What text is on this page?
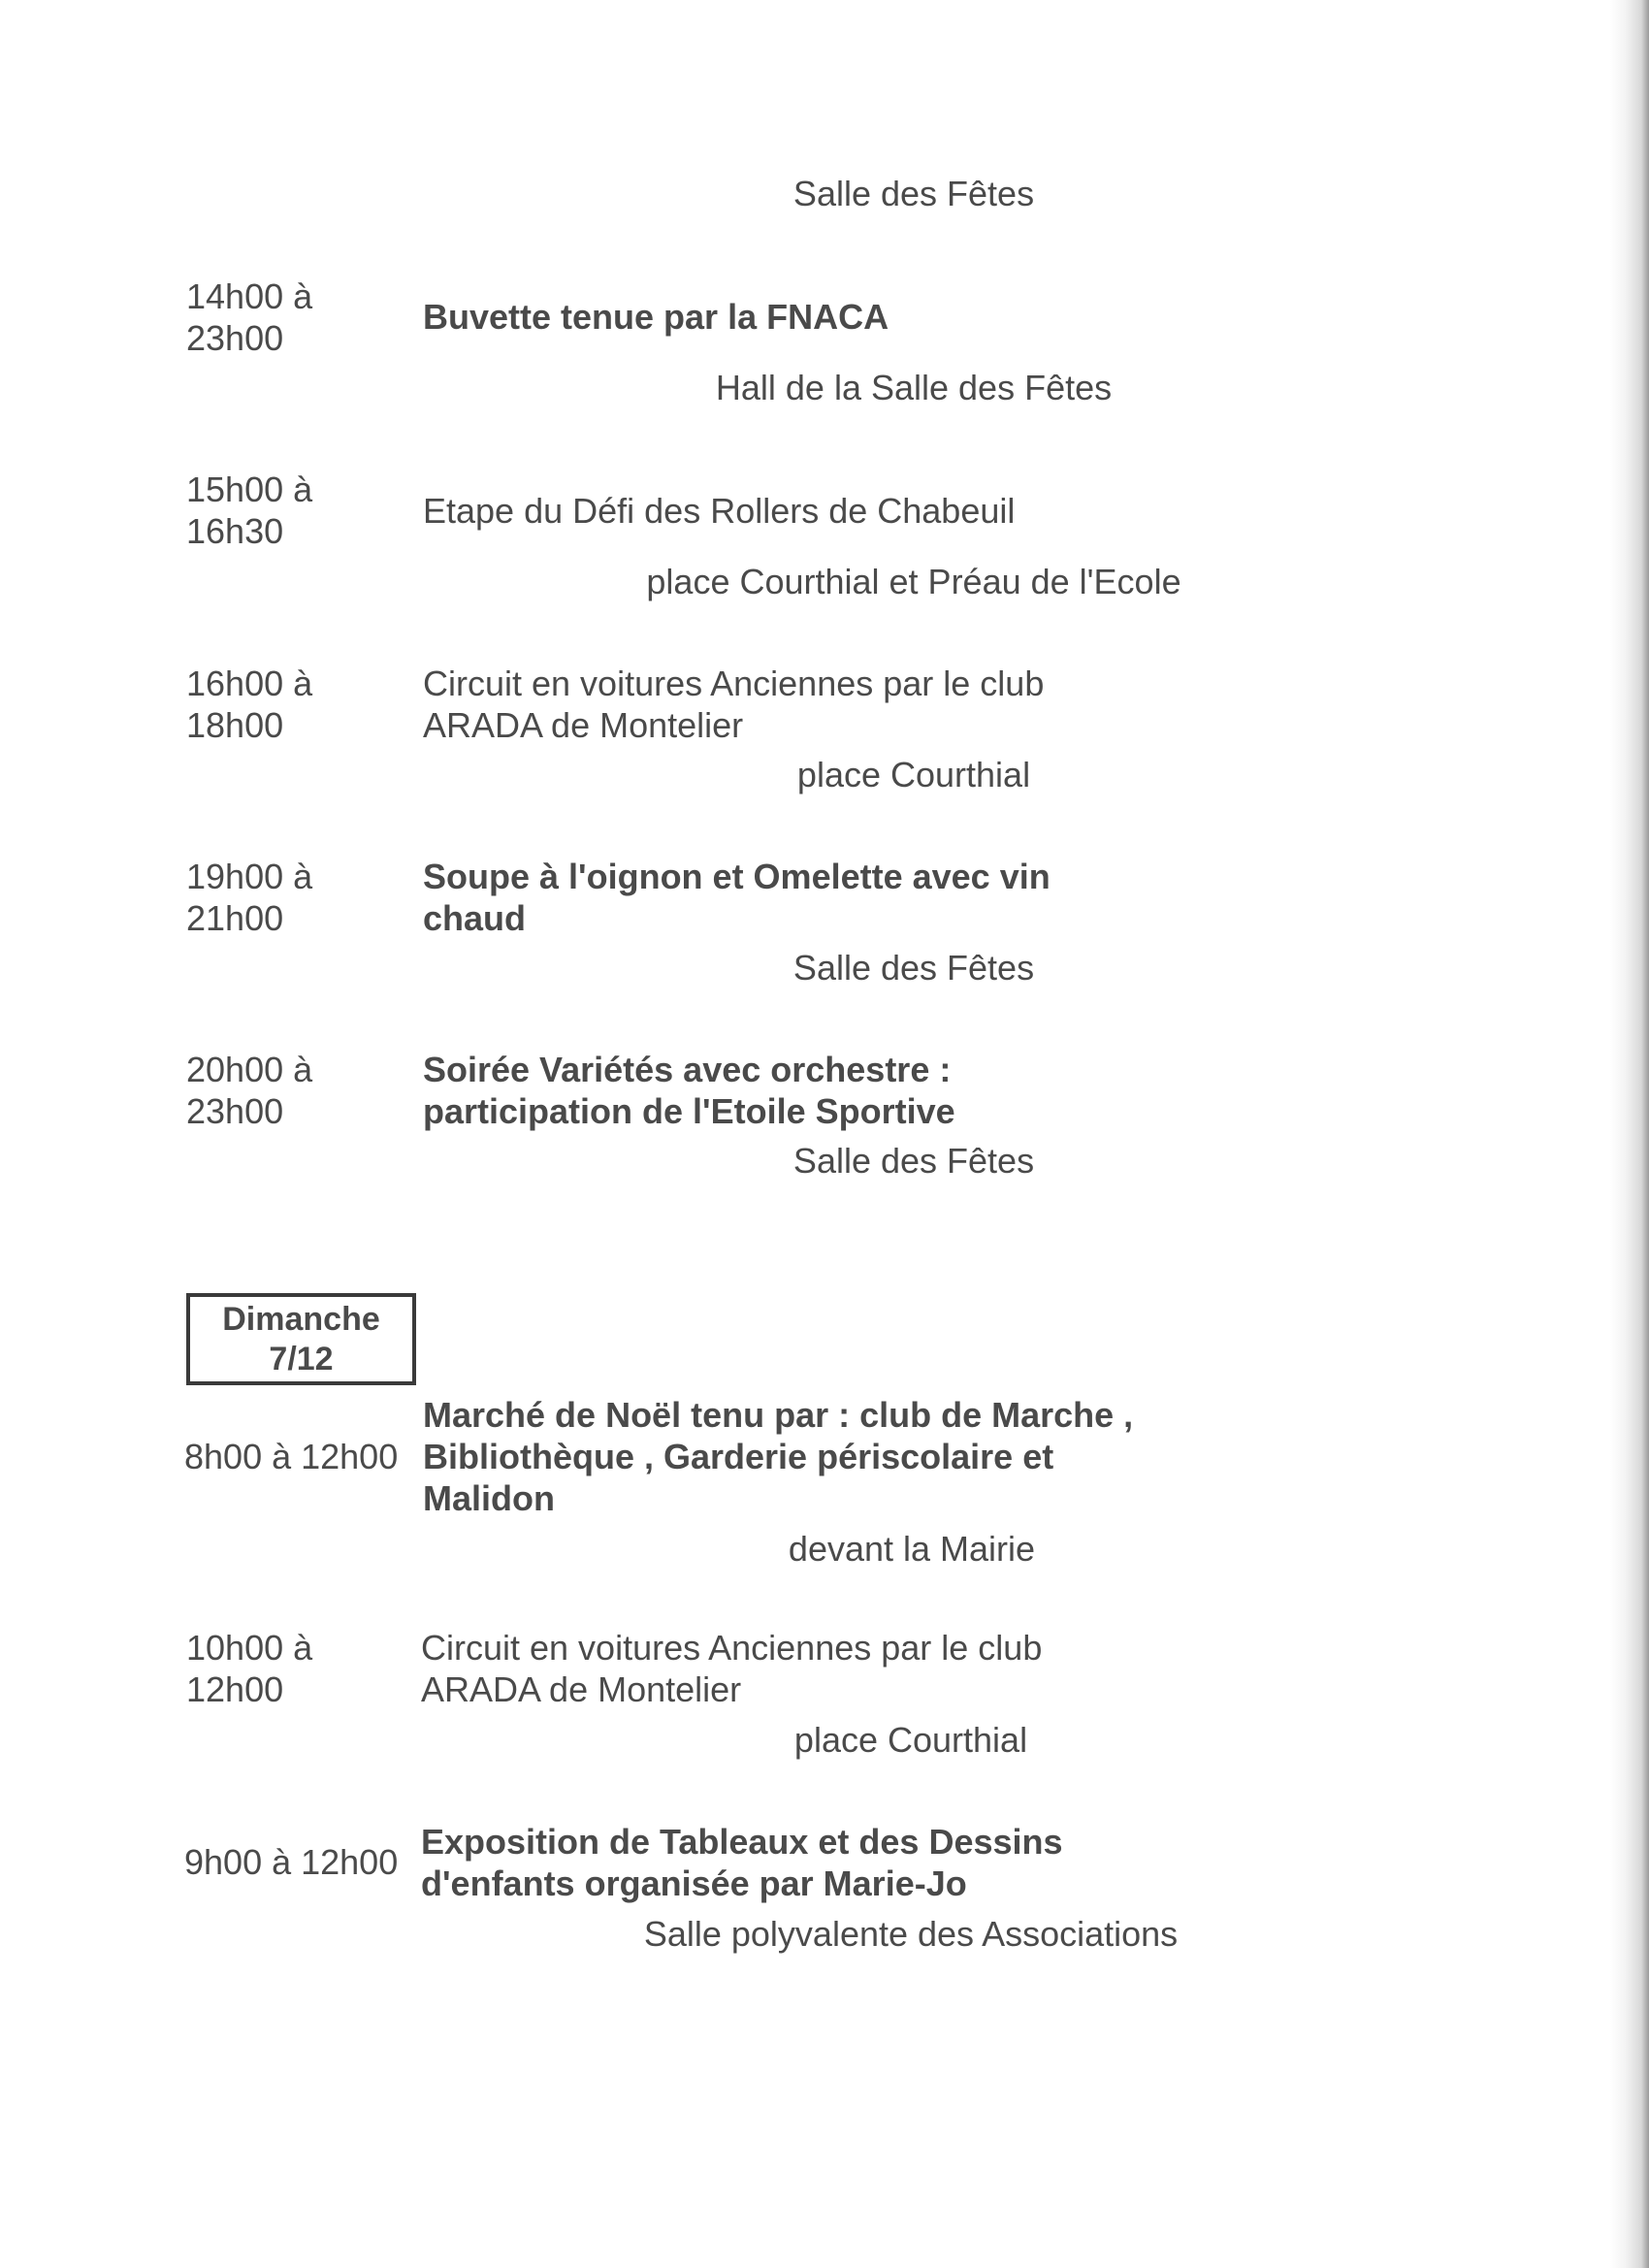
Salle des Fêtes
14h00 à
23h00
Buvette tenue par la FNACA
Hall de la Salle des Fêtes
15h00 à
16h30
Etape du Défi des Rollers de Chabeuil
place Courthial et Préau de l'Ecole
16h00 à
18h00
Circuit en voitures Anciennes par le club ARADA de Montelier
place Courthial
19h00 à
21h00
Soupe à l'oignon et Omelette avec vin chaud
Salle des Fêtes
20h00 à
23h00
Soirée Variétés avec orchestre : participation de l'Etoile Sportive
Salle des Fêtes
Dimanche
7/12
8h00 à 12h00
Marché de Noël tenu par : club de Marche , Bibliothèque , Garderie périscolaire et Malidon
devant la Mairie
10h00 à
12h00
Circuit en voitures Anciennes par le club ARADA de Montelier
place Courthial
9h00 à 12h00
Exposition de Tableaux et des Dessins d'enfants organisée par Marie-Jo
Salle polyvalente des Associations
